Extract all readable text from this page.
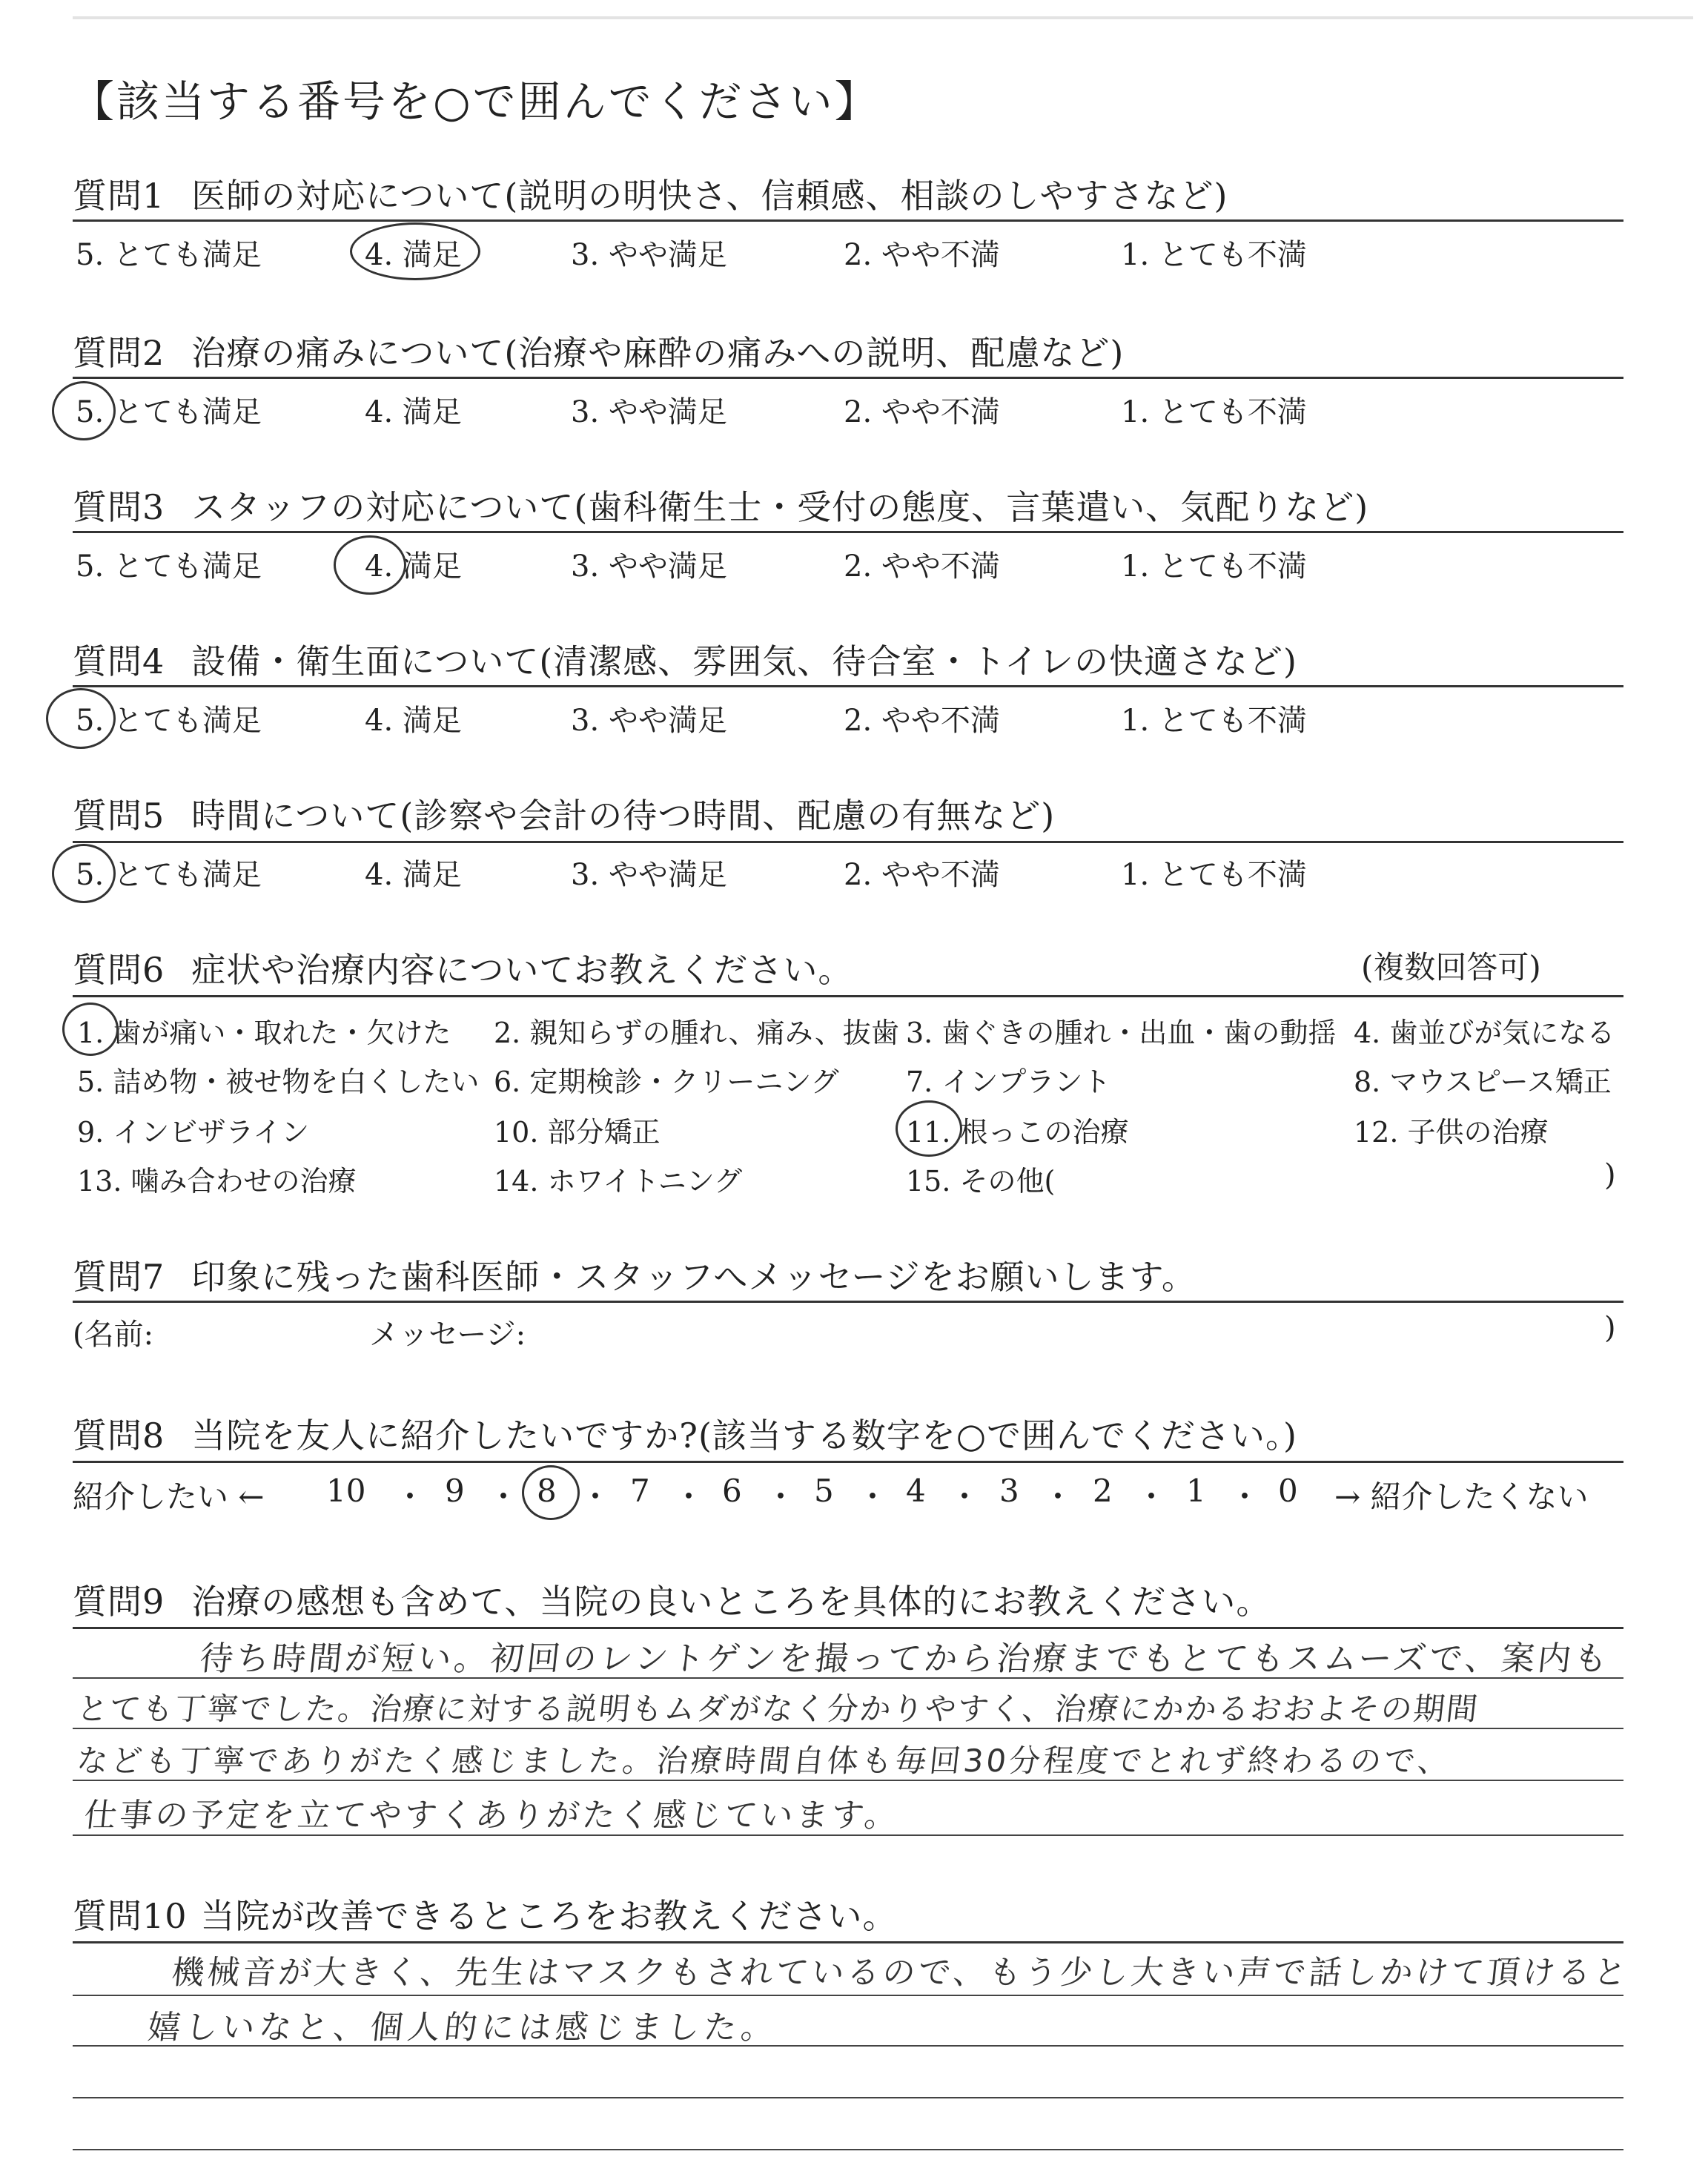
【該当する番号を○で囲んでください】
質問1 医師の対応について(説明の明快さ、信頼感、相談のしやすさなど)
5. とても満足	4. 満足	3. やや満足	2. やや不満	1. とても不満
質問2 治療の痛みについて(治療や麻酔の痛みへの説明、配慮など)
5. とても満足	4. 満足	3. やや満足	2. やや不満	1. とても不満
質問3 スタッフの対応について(歯科衛生士・受付の態度、言葉遣い、気配りなど)
5. とても満足	4. 満足	3. やや満足	2. やや不満	1. とても不満
質問4 設備・衛生面について(清潔感、雰囲気、待合室・トイレの快適さなど)
5. とても満足	4. 満足	3. やや満足	2. やや不満	1. とても不満
質問5 時間について(診察や会計の待つ時間、配慮の有無など)
5. とても満足	4. 満足	3. やや満足	2. やや不満	1. とても不満
質問6 症状や治療内容についてお教えください。	(複数回答可)
1. 歯が痛い・取れた・欠けた 2. 親知らずの腫れ、痛み、抜歯 3. 歯ぐきの腫れ・出血・歯の動揺 4. 歯並びが気になる
5. 詰め物・被せ物を白くしたい 6. 定期検診・クリーニング 7. インプラント	8. マウスピース矯正
9. インビザライン	10. 部分矯正	11. 根っこの治療	12. 子供の治療
13. 噛み合わせの治療	14. ホワイトニング	15. その他(	)
質問7 印象に残った歯科医師・スタッフへメッセージをお願いします。
(名前:	メッセージ:	)
質問8 当院を友人に紹介したいですか?(該当する数字を○で囲んでください。)
紹介したい ← 10 ・ 9 ・ 8 ・ 7 ・ 6 ・ 5 ・ 4 ・ 3 ・ 2 ・ 1 ・ 0 → 紹介したくない
質問9 治療の感想も含めて、当院の良いところを具体的にお教えください。
待ち時間が短い。初回のレントゲンを撮ってから治療までもとてもスムーズで、案内も
とても丁寧でした。治療に対する説明もムダがなく分かりやすく、治療にかかるおおよその期間
なども丁寧でありがたく感じました。治療時間自体も毎回30分程度でとれず終わるので、
仕事の予定を立てやすくありがたく感じています。
質問10 当院が改善できるところをお教えください。
機械音が大きく、先生はマスクもされているので、もう少し大きい声で話しかけて頂けると
嬉しいなと、個人的には感じました。
